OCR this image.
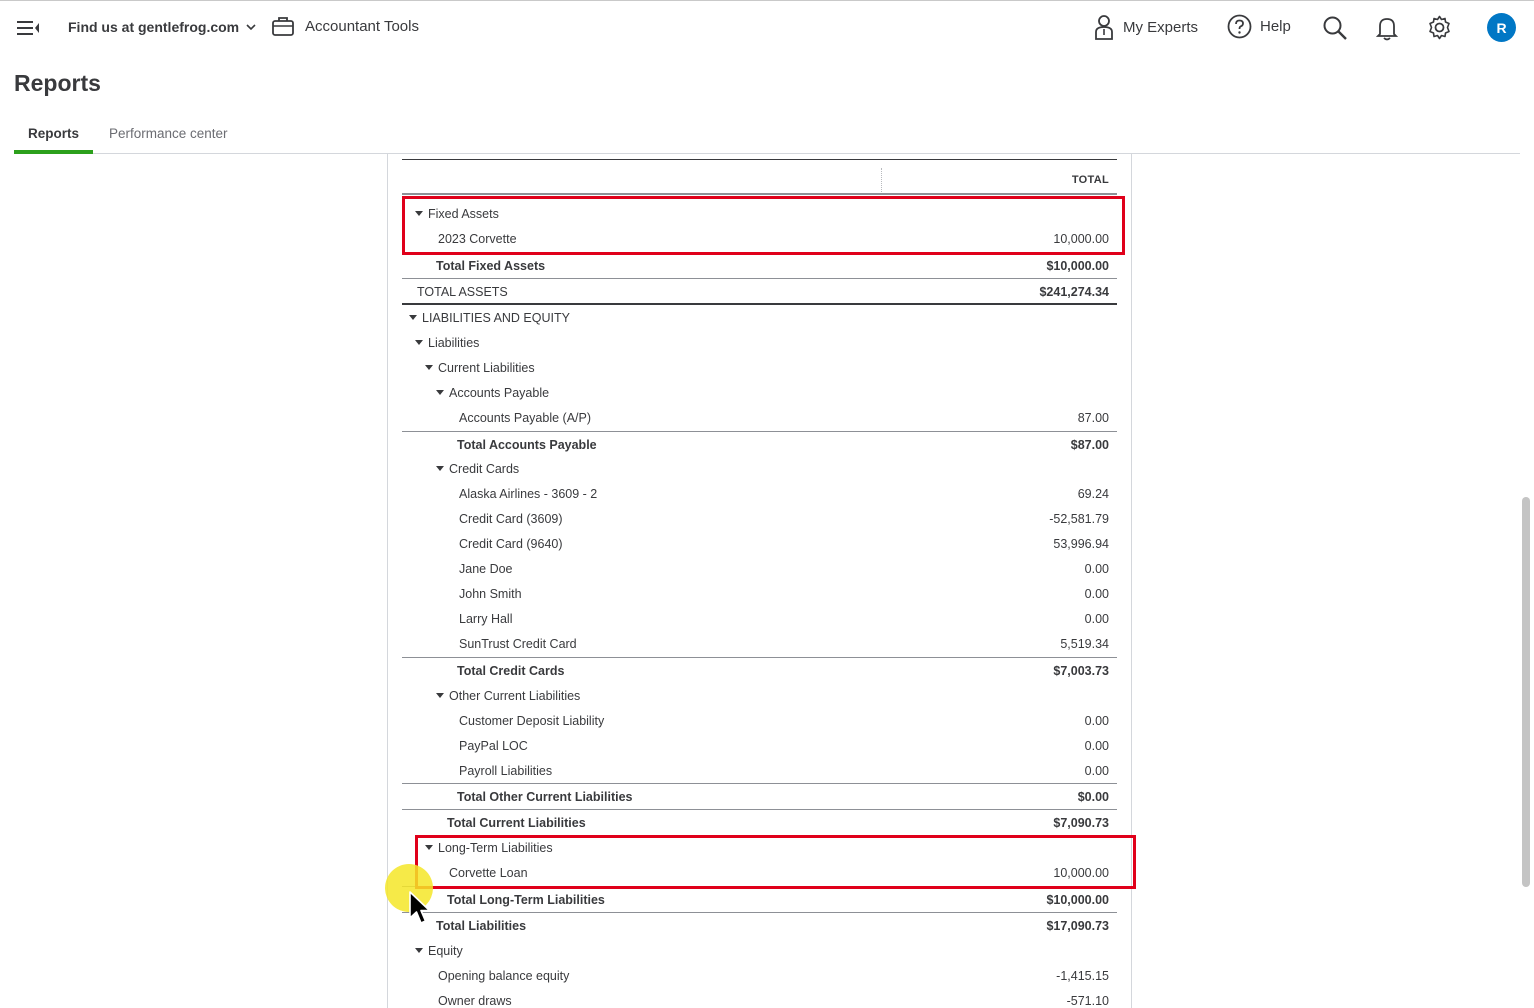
Find us at gentlefrog.com	Accountant Tools	My Experts	Help	R
Reports
Reports	Performance center
TOTAL
Fixed Assets
2023 Corvette	10,000.00
Total Fixed Assets	$10,000.00
TOTAL ASSETS	$241,274.34
LIABILITIES AND EQUITY
Liabilities
Current Liabilities
Accounts Payable
Accounts Payable (A/P)	87.00
Total Accounts Payable	$87.00
Credit Cards
Alaska Airlines - 3609 - 2	69.24
Credit Card (3609)	-52,581.79
Credit Card (9640)	53,996.94
Jane Doe	0.00
John Smith	0.00
Larry Hall	0.00
SunTrust Credit Card	5,519.34
Total Credit Cards	$7,003.73
Other Current Liabilities
Customer Deposit Liability	0.00
PayPal LOC	0.00
Payroll Liabilities	0.00
Total Other Current Liabilities	$0.00
Total Current Liabilities	$7,090.73
Long-Term Liabilities
Corvette Loan	10,000.00
Total Long-Term Liabilities	$10,000.00
Total Liabilities	$17,090.73
Equity
Opening balance equity	-1,415.15
Owner draws	-571.10
